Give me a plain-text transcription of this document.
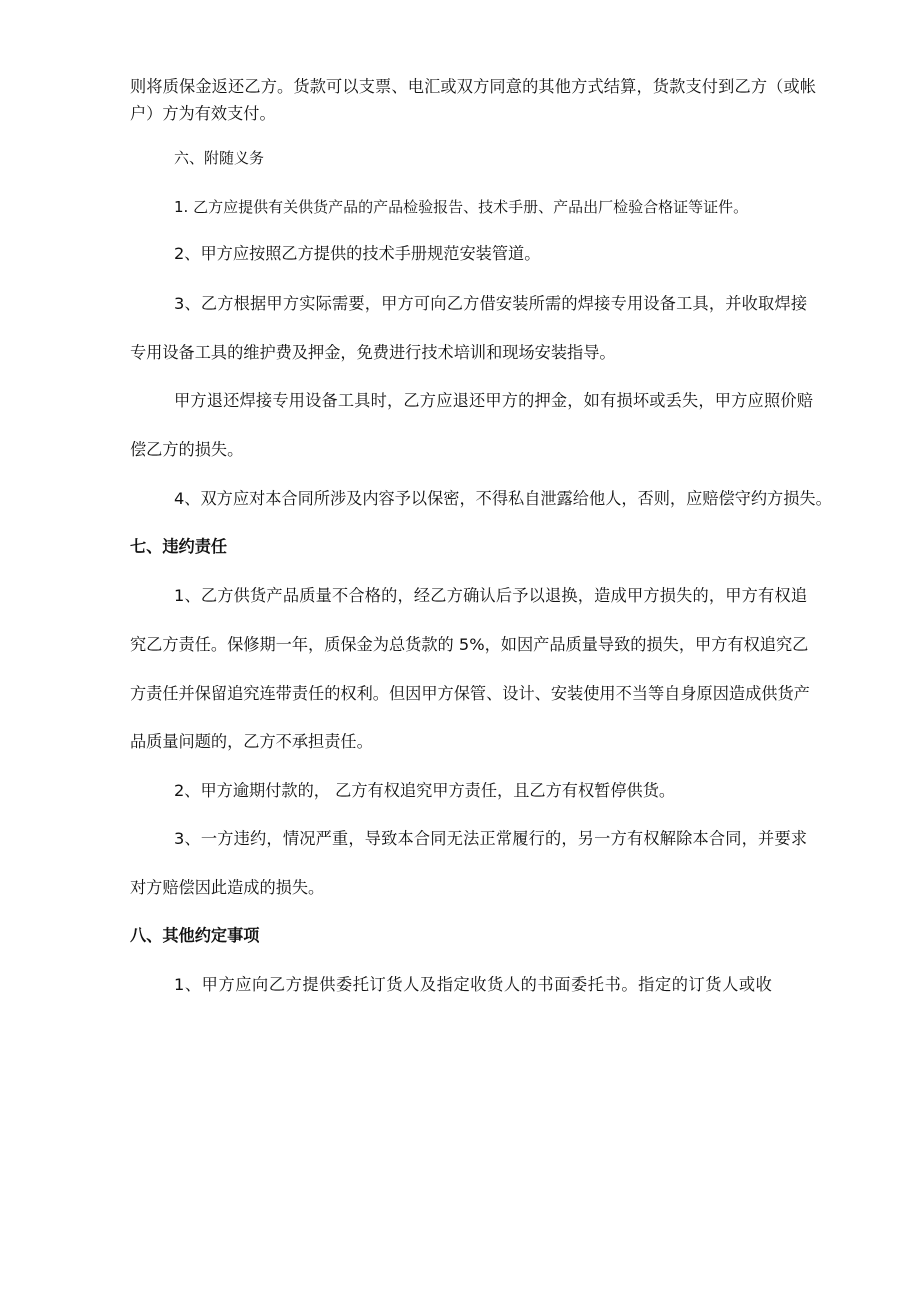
则将质保金返还乙方。货款可以支票、电汇或双方同意的其他方式结算，货款支付到乙方（或帐
户）方为有效支付。
六、附随义务
1. 乙方应提供有关供货产品的产品检验报告、技术手册、产品出厂检验合格证等证件。
2、甲方应按照乙方提供的技术手册规范安装管道。
3、乙方根据甲方实际需要，甲方可向乙方借安装所需的焊接专用设备工具，并收取焊接
专用设备工具的维护费及押金，免费进行技术培训和现场安装指导。
甲方退还焊接专用设备工具时，乙方应退还甲方的押金，如有损坏或丢失，甲方应照价赔
偿乙方的损失。
4、双方应对本合同所涉及内容予以保密，不得私自泄露给他人，否则，应赔偿守约方损失。
七、违约责任
1、乙方供货产品质量不合格的，经乙方确认后予以退换，造成甲方损失的，甲方有权追
究乙方责任。保修期一年，质保金为总货款的 5%，如因产品质量导致的损失，甲方有权追究乙
方责任并保留追究连带责任的权利。但因甲方保管、设计、安装使用不当等自身原因造成供货产
品质量问题的，乙方不承担责任。
2、甲方逾期付款的， 乙方有权追究甲方责任，且乙方有权暂停供货。
3、一方违约，情况严重，导致本合同无法正常履行的，另一方有权解除本合同，并要求
对方赔偿因此造成的损失。
八、其他约定事项
1、甲方应向乙方提供委托订货人及指定收货人的书面委托书。指定的订货人或收
